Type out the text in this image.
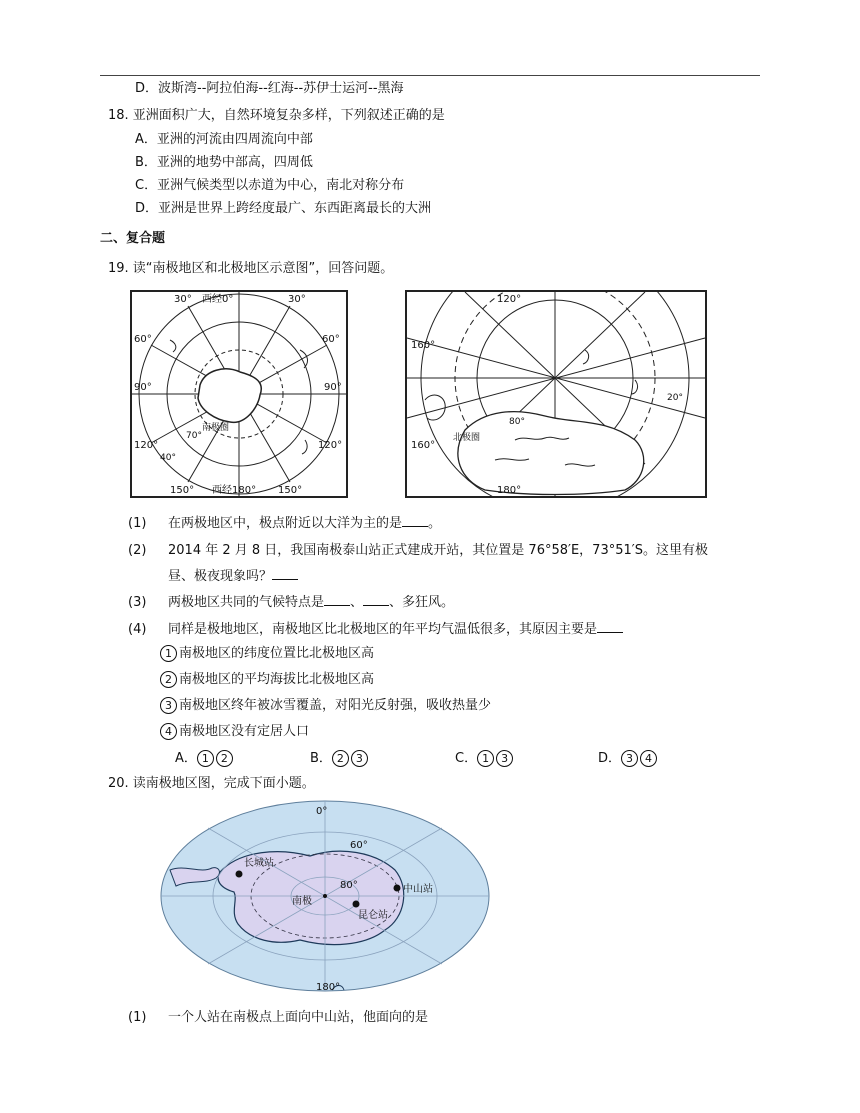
D．波斯湾--阿拉伯海--红海--苏伊士运河--黑海
18. 亚洲面积广大，自然环境复杂多样，下列叙述正确的是
A．亚洲的河流由四周流向中部
B．亚洲的地势中部高，四周低
C．亚洲气候类型以赤道为中心，南北对称分布
D．亚洲是世界上跨经度最广、东西距离最长的大洲
二、复合题
19. 读“南极地区和北极地区示意图”，回答问题。
30° 西经0°	30°
60°	60°
90°	90°
120°	120°
150° 西经180° 150°
南极圈
70°
40°
120°
160°
160°
180°
北极圈
80°
20°
(1) 在两极地区中，极点附近以大洋为主的是 。
(2) 2014 年 2 月 8 日，我国南极泰山站正式建成开站，其位置是 76°58′E，73°51′S。这里有极
昼、极夜现象吗？
(3) 两极地区共同的气候特点是 、 、多狂风。
(4) 同样是极地地区，南极地区比北极地区的年平均气温低很多，其原因主要是
1 南极地区的纬度位置比北极地区高
2 南极地区的平均海拔比北极地区高
3 南极地区终年被冰雪覆盖，对阳光反射强，吸收热量少
4 南极地区没有定居人口
A． 1 2	B． 2 3	C． 1 3	D． 3 4
20. 读南极地区图，完成下面小题。
0°
60°
长城站
80°	中山站
南极
昆仑站
180°
(1) 一个人站在南极点上面向中山站，他面向的是
